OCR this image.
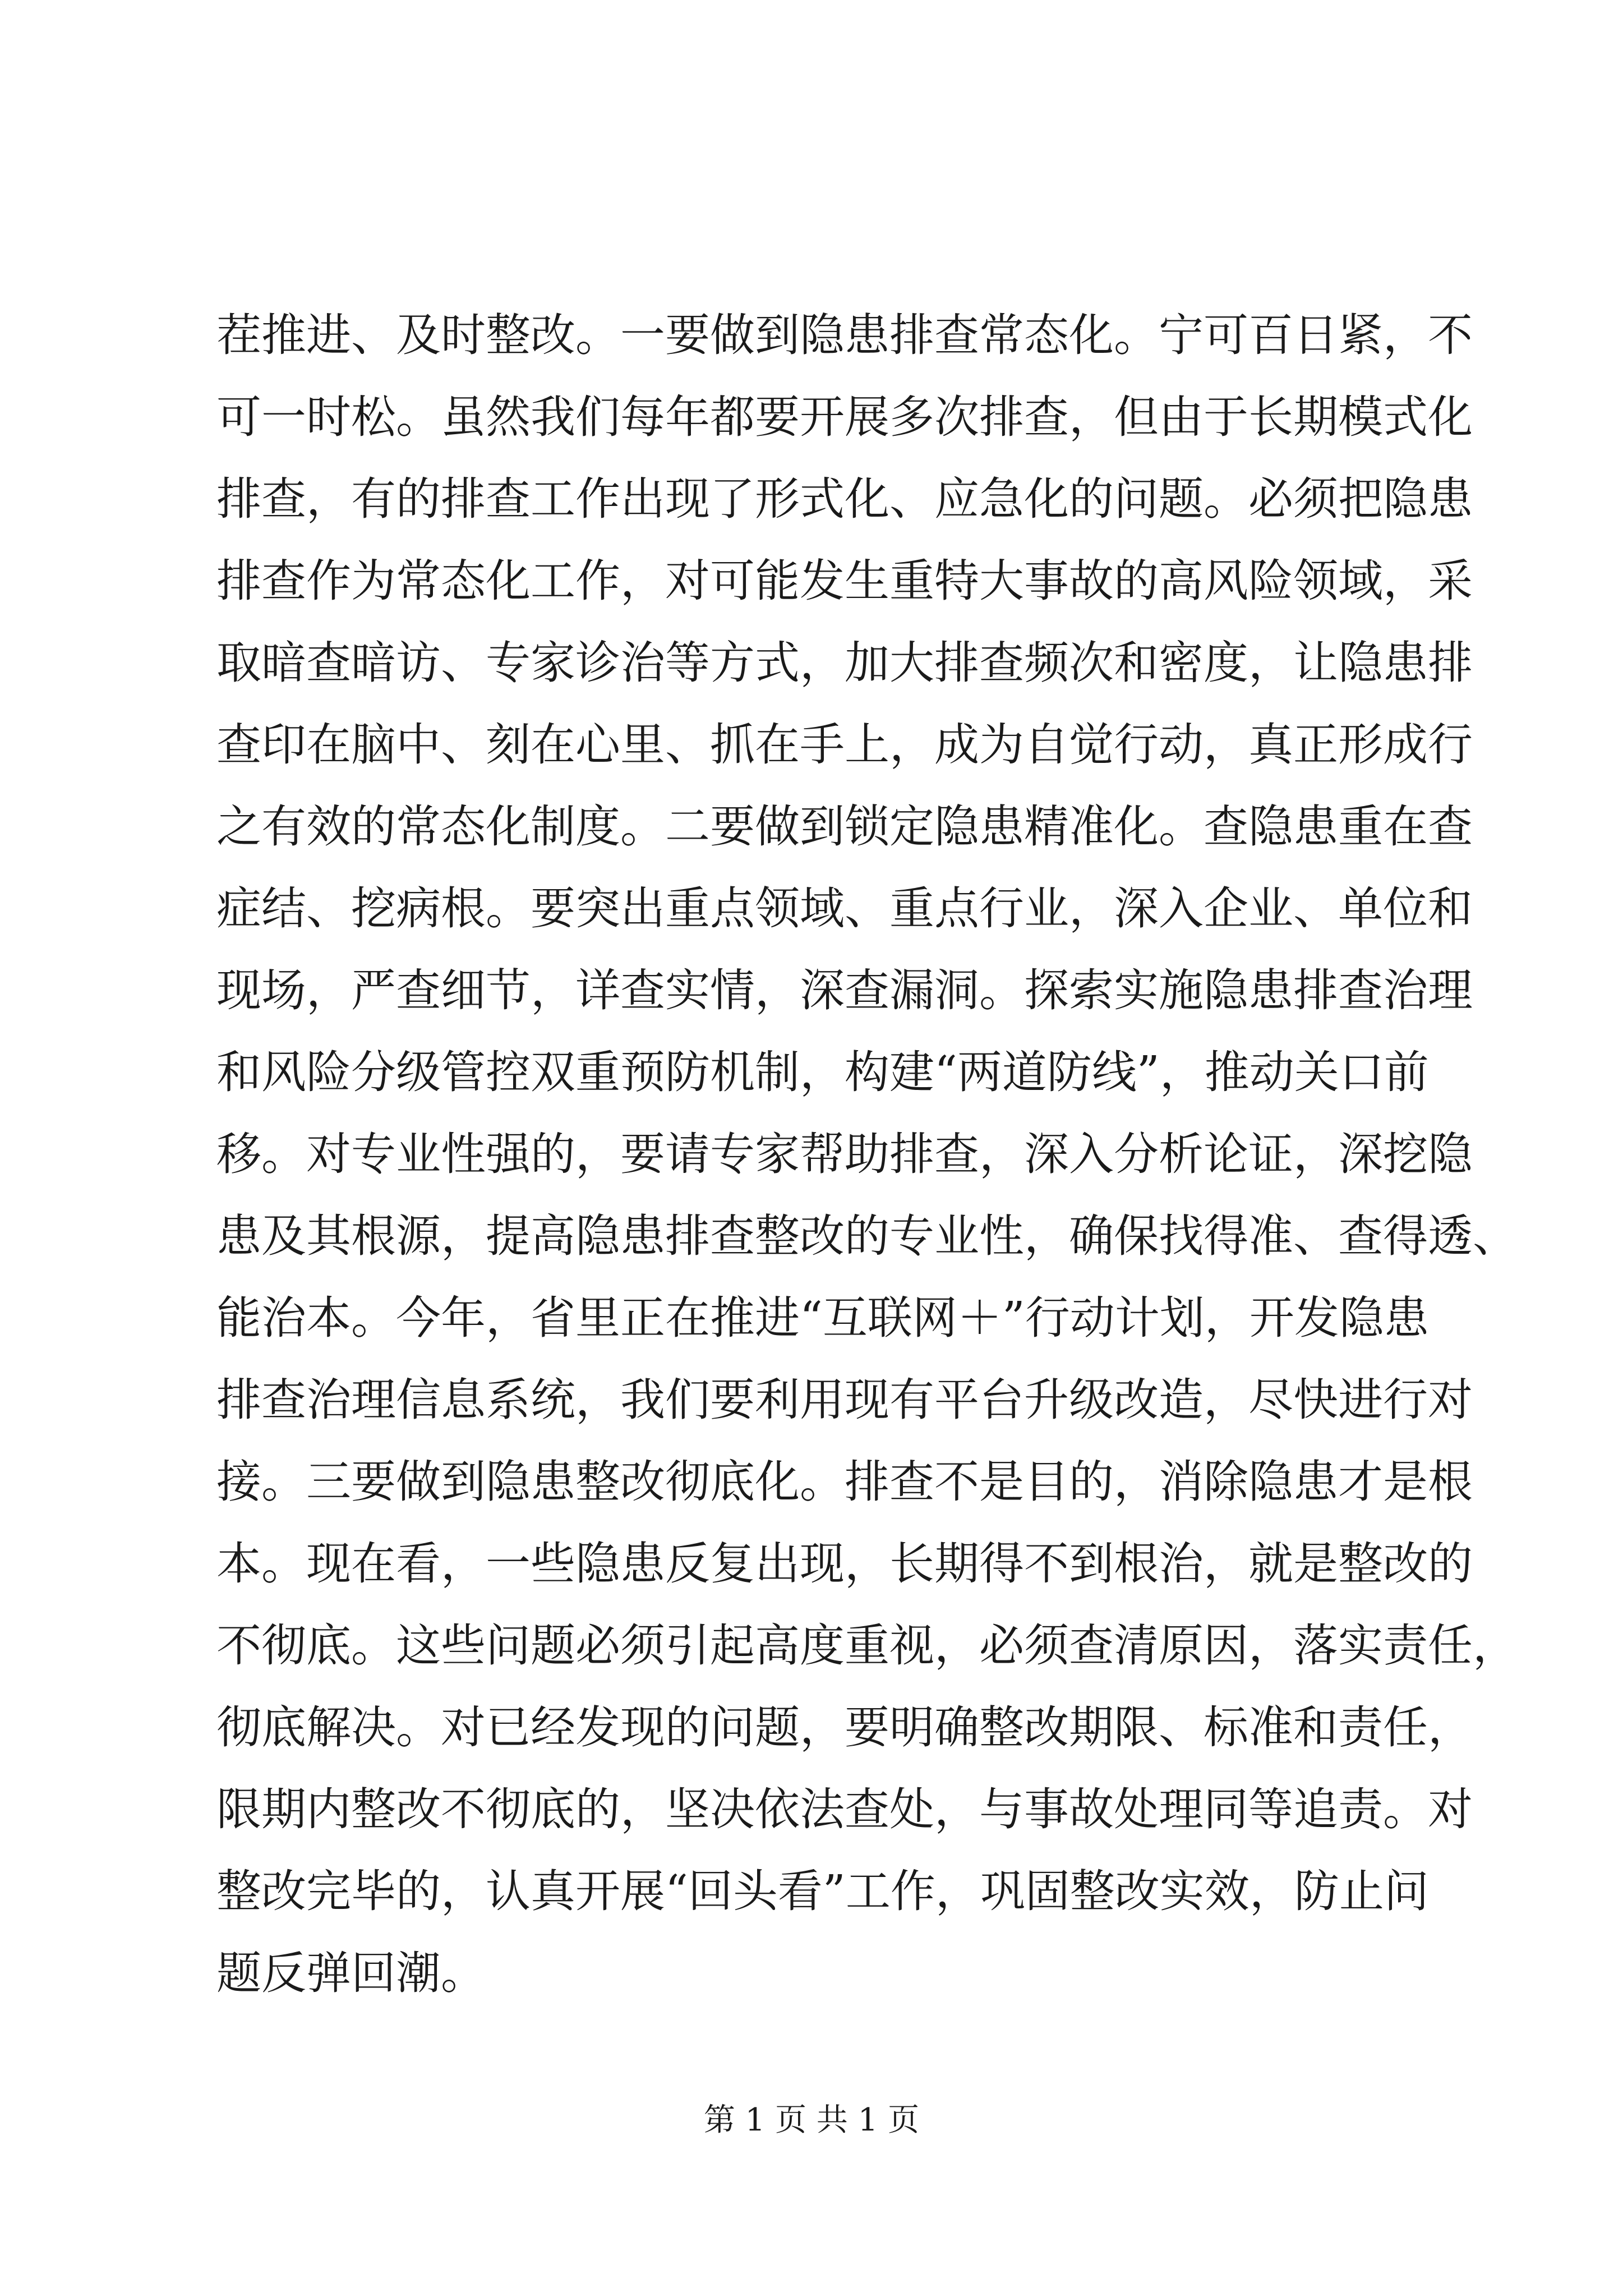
茬 推 进 、 及 时 整 改 。 一 要 做 到 隐 患 排 查 常 态 化 。 宁 可 百 日 紧 ， 不
可 一 时 松 。 虽 然 我 们 每 年 都 要 开 展 多 次 排 查 ， 但 由 于 长 期 模 式 化
排 查 ， 有 的 排 查 工 作 出 现 了 形 式 化 、 应 急 化 的 问 题 。 必 须 把 隐 患
排 查 作 为 常 态 化 工 作 ， 对 可 能 发 生 重 特 大 事 故 的 高 风 险 领 域 ， 采
取 暗 查 暗 访 、 专 家 诊 治 等 方 式 ， 加 大 排 查 频 次 和 密 度 ， 让 隐 患 排
查 印 在 脑 中 、 刻 在 心 里 、 抓 在 手 上 ， 成 为 自 觉 行 动 ， 真 正 形 成 行
之 有 效 的 常 态 化 制 度 。 二 要 做 到 锁 定 隐 患 精 准 化 。 查 隐 患 重 在 查
症 结 、 挖 病 根 。 要 突 出 重 点 领 域 、 重 点 行 业 ， 深 入 企 业 、 单 位 和
现 场 ， 严 查 细 节 ， 详 查 实 情 ， 深 查 漏 洞 。 探 索 实 施 隐 患 排 查 治 理
和 风 险 分 级 管 控 双 重 预 防 机 制 ， 构 建 “ 两 道 防 线 ” ， 推 动 关 口 前
移 。 对 专 业 性 强 的 ， 要 请 专 家 帮 助 排 查 ， 深 入 分 析 论 证 ， 深 挖 隐
患 及 其 根 源 ， 提 高 隐 患 排 查 整 改 的 专 业 性 ， 确 保 找 得 准 、 查 得 透 、
能 治 本 。 今 年 ， 省 里 正 在 推 进 “ 互 联 网 ＋ ” 行 动 计 划 ， 开 发 隐 患
排 查 治 理 信 息 系 统 ， 我 们 要 利 用 现 有 平 台 升 级 改 造 ， 尽 快 进 行 对
接 。 三 要 做 到 隐 患 整 改 彻 底 化 。 排 查 不 是 目 的 ， 消 除 隐 患 才 是 根
本 。 现 在 看 ， 一 些 隐 患 反 复 出 现 ， 长 期 得 不 到 根 治 ， 就 是 整 改 的
不 彻 底 。 这 些 问 题 必 须 引 起 高 度 重 视 ， 必 须 查 清 原 因 ， 落 实 责 任 ，
彻 底 解 决 。 对 已 经 发 现 的 问 题 ， 要 明 确 整 改 期 限 、 标 准 和 责 任 ，
限 期 内 整 改 不 彻 底 的 ， 坚 决 依 法 查 处 ， 与 事 故 处 理 同 等 追 责 。 对
整 改 完 毕 的 ， 认 真 开 展 “ 回 头 看 ” 工 作 ， 巩 固 整 改 实 效 ， 防 止 问
题 反 弹 回 潮 。
第 1 页 共 1 页
